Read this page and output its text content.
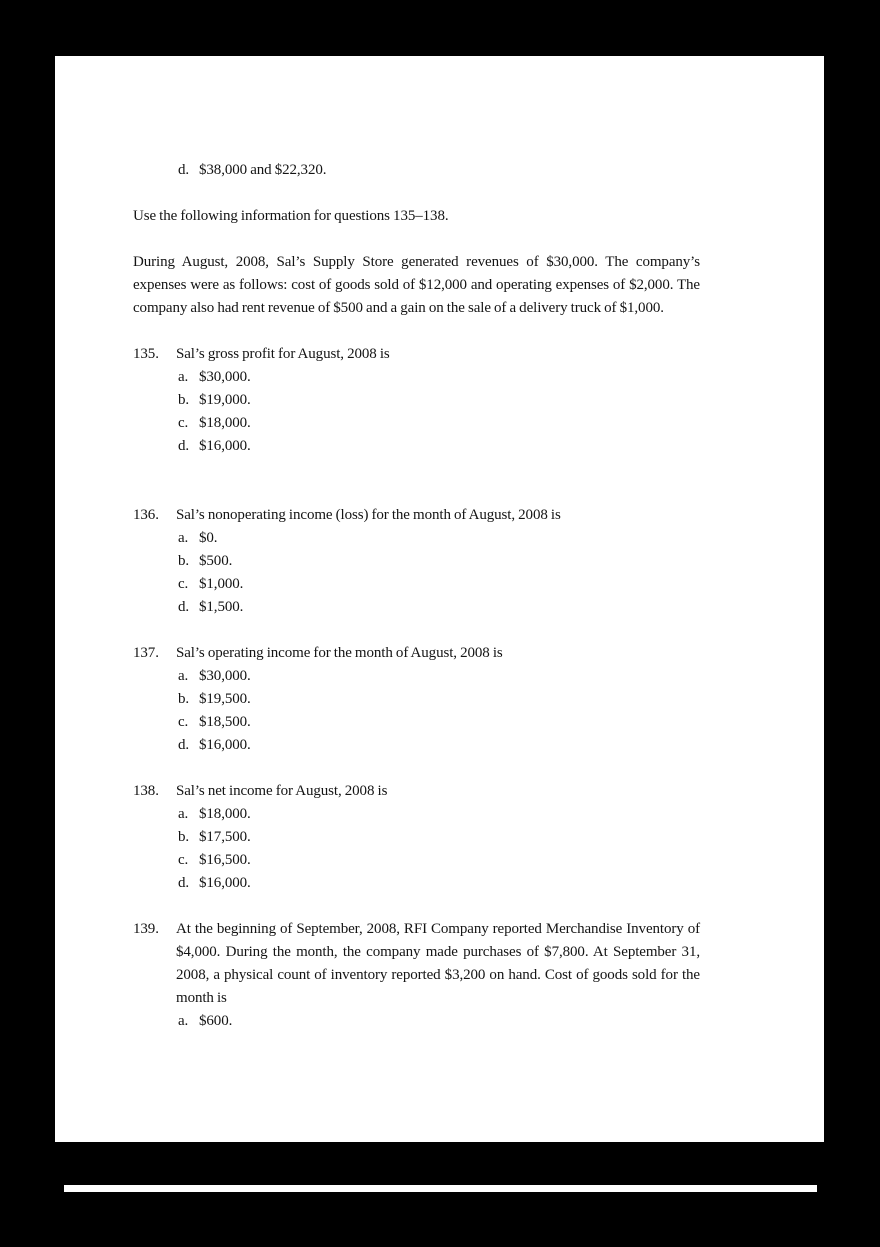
d. $38,000 and $22,320.
Use the following information for questions 135–138.
During August, 2008, Sal’s Supply Store generated revenues of $30,000. The company’s
expenses were as follows: cost of goods sold of $12,000 and operating expenses of $2,000. The
company also had rent revenue of $500 and a gain on the sale of a delivery truck of $1,000.
135. Sal’s gross profit for August, 2008 is
a. $30,000.
b. $19,000.
c. $18,000.
d. $16,000.
136. Sal’s nonoperating income (loss) for the month of August, 2008 is
a. $0.
b. $500.
c. $1,000.
d. $1,500.
137. Sal’s operating income for the month of August, 2008 is
a. $30,000.
b. $19,500.
c. $18,500.
d. $16,000.
138. Sal’s net income for August, 2008 is
a. $18,000.
b. $17,500.
c. $16,500.
d. $16,000.
139. At the beginning of September, 2008, RFI Company reported Merchandise Inventory of
$4,000. During the month, the company made purchases of $7,800. At September 31,
2008, a physical count of inventory reported $3,200 on hand. Cost of goods sold for the
month is
a. $600.
